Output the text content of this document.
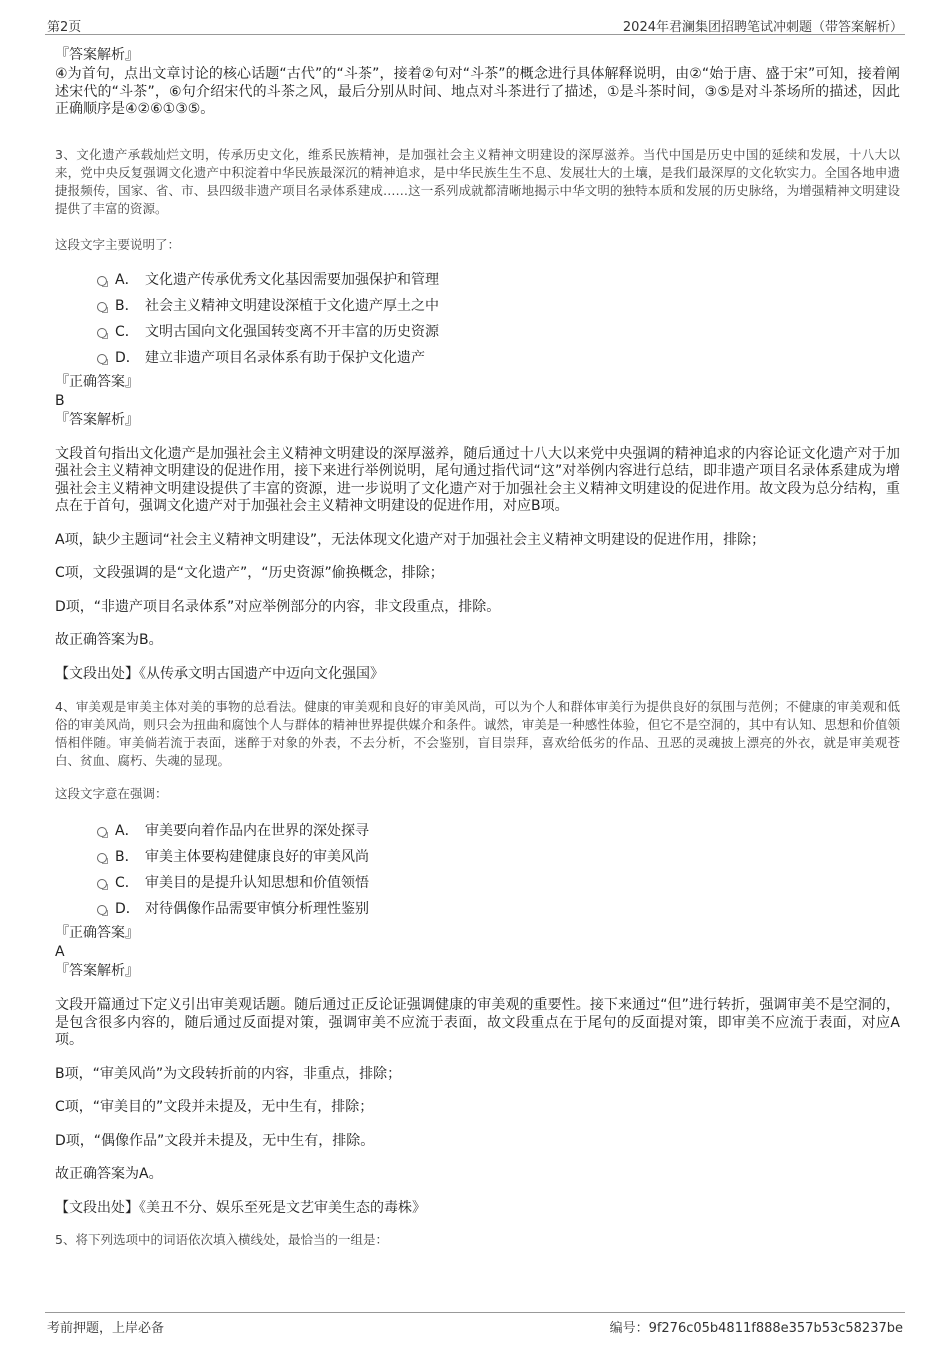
第2页	2024年君澜集团招聘笔试冲刺题（带答案解析）

『答案解析』

④为首句，点出文章讨论的核心话题“古代”的“斗茶”，接着②句对“斗茶”的概念进行具体解释说明，由②“始于唐、盛于宋”可知，接着阐述宋代的“斗茶”，⑥句介绍宋代的斗茶之风，最后分别从时间、地点对斗茶进行了描述，①是斗茶时间，③⑤是对斗茶场所的描述，因此正确顺序是④②⑥①③⑤。

3、文化遗产承载灿烂文明，传承历史文化，维系民族精神，是加强社会主义精神文明建设的深厚滋养。当代中国是历史中国的延续和发展，十八大以来，党中央反复强调文化遗产中积淀着中华民族最深沉的精神追求，是中华民族生生不息、发展壮大的土壤，是我们最深厚的文化软实力。全国各地申遗捷报频传，国家、省、市、县四级非遗产项目名录体系建成……这一系列成就都清晰地揭示中华文明的独特本质和发展的历史脉络，为增强精神文明建设提供了丰富的资源。

这段文字主要说明了：

A． 文化遗产传承优秀文化基因需要加强保护和管理
B． 社会主义精神文明建设深植于文化遗产厚土之中
C． 文明古国向文化强国转变离不开丰富的历史资源
D． 建立非遗产项目名录体系有助于保护文化遗产

『正确答案』

B

『答案解析』

文段首句指出文化遗产是加强社会主义精神文明建设的深厚滋养，随后通过十八大以来党中央强调的精神追求的内容论证文化遗产对于加强社会主义精神文明建设的促进作用，接下来进行举例说明，尾句通过指代词“这”对举例内容进行总结，即非遗产项目名录体系建成为增强社会主义精神文明建设提供了丰富的资源，进一步说明了文化遗产对于加强社会主义精神文明建设的促进作用。故文段为总分结构，重点在于首句，强调文化遗产对于加强社会主义精神文明建设的促进作用，对应B项。

A项，缺少主题词“社会主义精神文明建设”，无法体现文化遗产对于加强社会主义精神文明建设的促进作用，排除；

C项，文段强调的是“文化遗产”，“历史资源”偷换概念，排除；

D项，“非遗产项目名录体系”对应举例部分的内容，非文段重点，排除。

故正确答案为B。

【文段出处】《从传承文明古国遗产中迈向文化强国》

4、审美观是审美主体对美的事物的总看法。健康的审美观和良好的审美风尚，可以为个人和群体审美行为提供良好的氛围与范例；不健康的审美观和低俗的审美风尚，则只会为扭曲和腐蚀个人与群体的精神世界提供媒介和条件。诚然，审美是一种感性体验，但它不是空洞的，其中有认知、思想和价值领悟相伴随。审美倘若流于表面，迷醉于对象的外表，不去分析，不会鉴别，盲目崇拜，喜欢给低劣的作品、丑恶的灵魂披上漂亮的外衣，就是审美观苍白、贫血、腐朽、失魂的显现。

这段文字意在强调：

A． 审美要向着作品内在世界的深处探寻
B． 审美主体要构建健康良好的审美风尚
C． 审美目的是提升认知思想和价值领悟
D． 对待偶像作品需要审慎分析理性鉴别

『正确答案』

A

『答案解析』

文段开篇通过下定义引出审美观话题。随后通过正反论证强调健康的审美观的重要性。接下来通过“但”进行转折，强调审美不是空洞的，是包含很多内容的，随后通过反面提对策，强调审美不应流于表面，故文段重点在于尾句的反面提对策，即审美不应流于表面，对应A项。

B项，“审美风尚”为文段转折前的内容，非重点，排除；

C项，“审美目的”文段并未提及，无中生有，排除；

D项，“偶像作品”文段并未提及，无中生有，排除。

故正确答案为A。

【文段出处】《美丑不分、娱乐至死是文艺审美生态的毒株》

5、将下列选项中的词语依次填入横线处，最恰当的一组是：

考前押题，上岸必备	编号：9f276c05b4811f888e357b53c58237be
